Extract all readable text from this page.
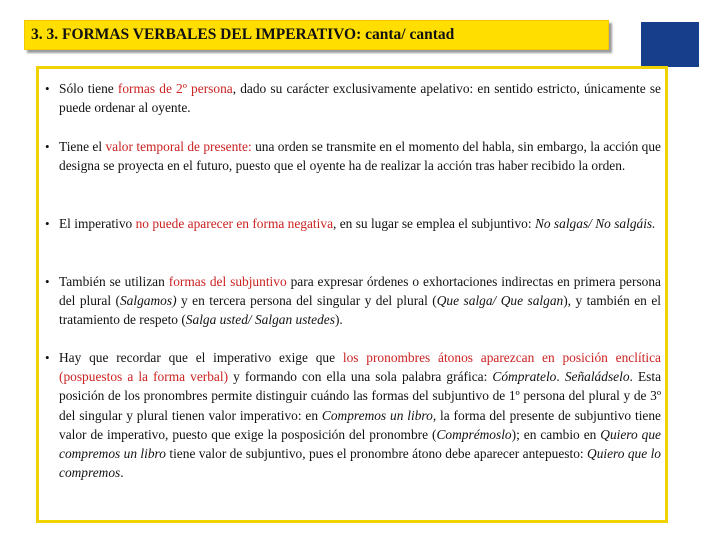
3. 3. FORMAS VERBALES DEL IMPERATIVO: canta/ cantad
• Sólo tiene formas de 2º persona, dado su carácter exclusivamente apelativo: en sentido estricto, únicamente se puede ordenar al oyente.
• Tiene el valor temporal de presente: una orden se transmite en el momento del habla, sin embargo, la acción que designa se proyecta en el futuro, puesto que el oyente ha de realizar la acción tras haber recibido la orden.
• El imperativo no puede aparecer en forma negativa, en su lugar se emplea el subjuntivo: No salgas/ No salgáis.
• También se utilizan formas del subjuntivo para expresar órdenes o exhortaciones indirectas en primera persona del plural (Salgamos) y en tercera persona del singular y del plural (Que salga/ Que salgan), y también en el tratamiento de respeto (Salga usted/ Salgan ustedes).
• Hay que recordar que el imperativo exige que los pronombres átonos aparezcan en posición enclítica (pospuestos a la forma verbal) y formando con ella una sola palabra gráfica: Cómpratelo. Señaládselo. Esta posición de los pronombres permite distinguir cuándo las formas del subjuntivo de 1º persona del plural y de 3º del singular y plural tienen valor imperativo: en Compremos un libro, la forma del presente de subjuntivo tiene valor de imperativo, puesto que exige la posposición del pronombre (Comprémoslo); en cambio en Quiero que compremos un libro tiene valor de subjuntivo, pues el pronombre átono debe aparecer antepuesto: Quiero que lo compremos.
